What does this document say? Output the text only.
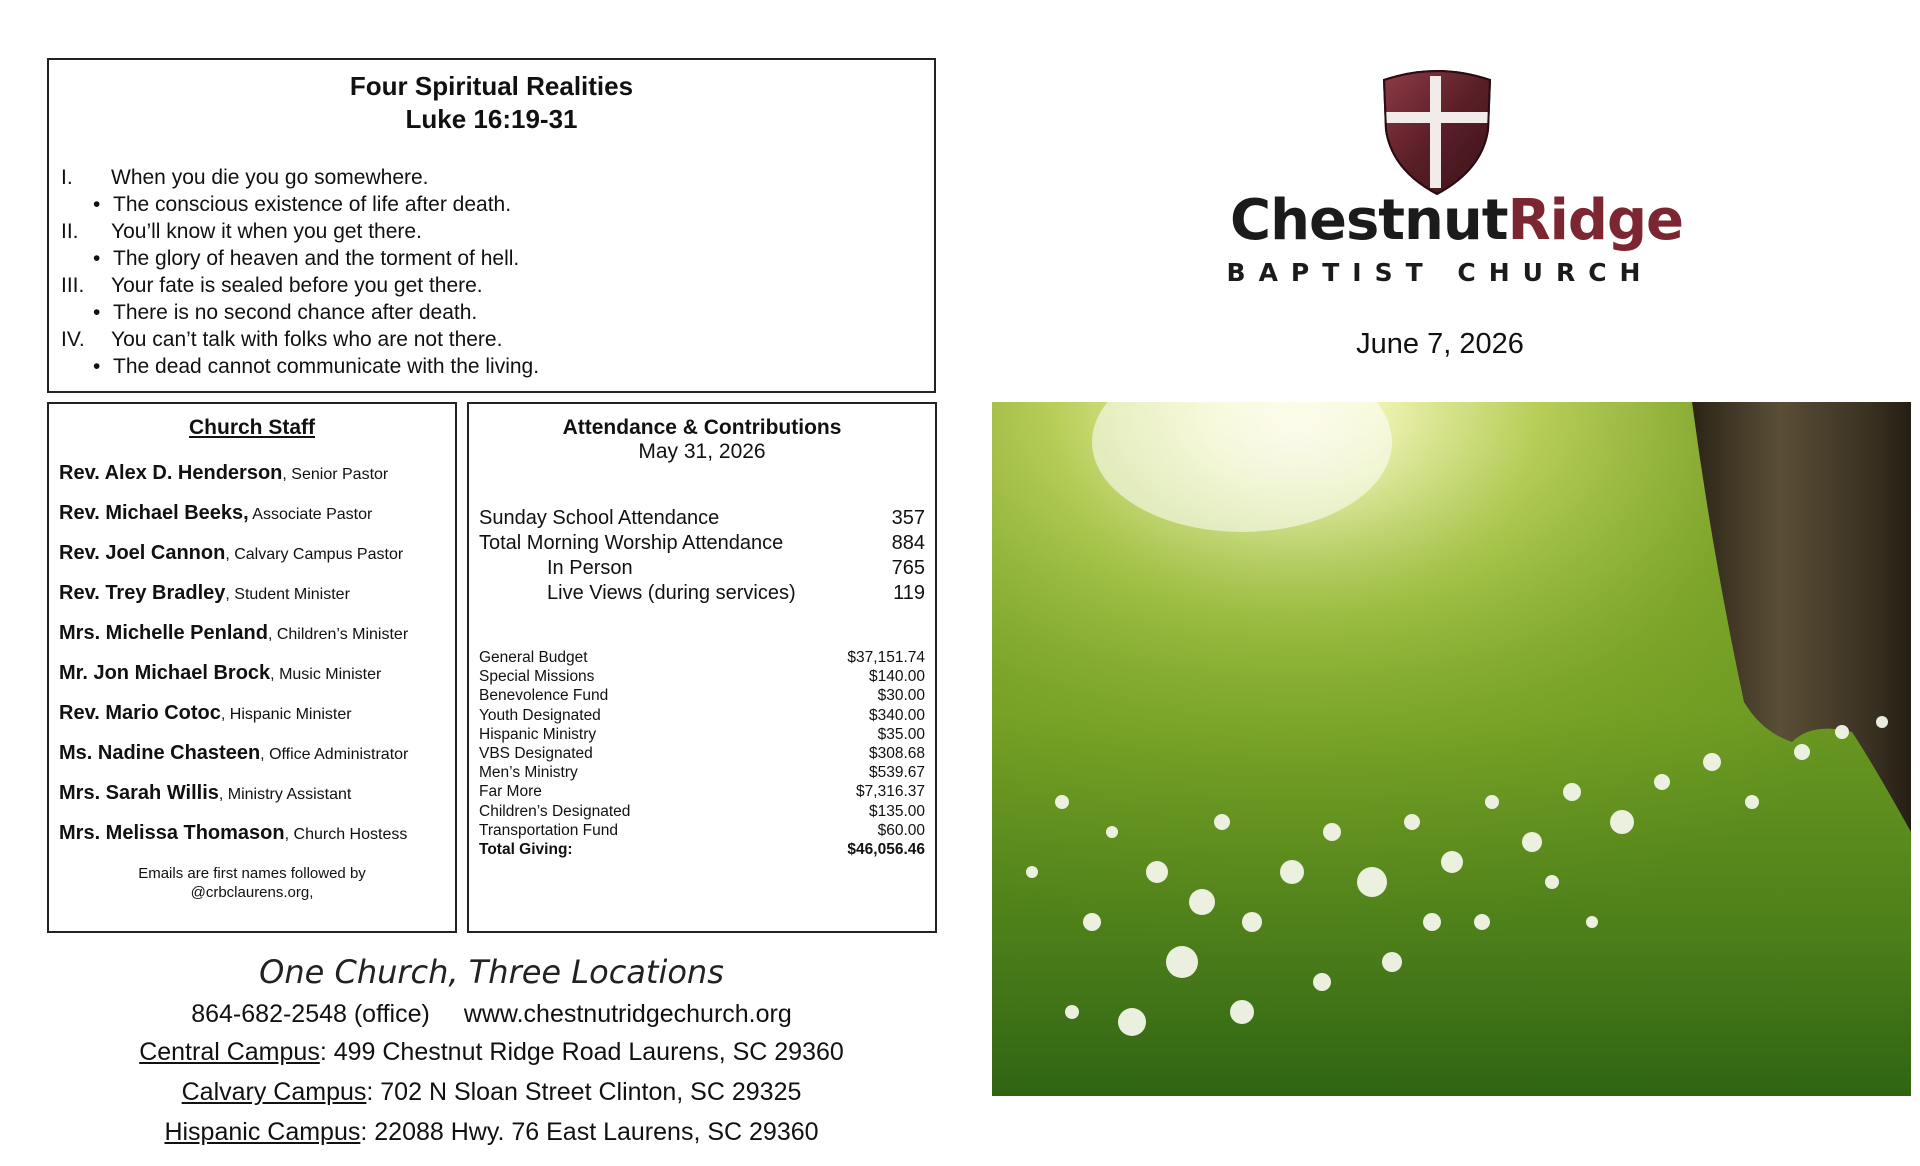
Four Spiritual Realities
Luke 16:19-31
I.	When you die you go somewhere.
• The conscious existence of life after death.
II.	You’ll know it when you get there.
• The glory of heaven and the torment of hell.
III.	Your fate is sealed before you get there.
• There is no second chance after death.
IV.	You can’t talk with folks who are not there.
• The dead cannot communicate with the living.
Church Staff
Rev. Alex D. Henderson, Senior Pastor
Rev. Michael Beeks, Associate Pastor
Rev. Joel Cannon, Calvary Campus Pastor
Rev. Trey Bradley, Student Minister
Mrs. Michelle Penland, Children’s Minister
Mr. Jon Michael Brock, Music Minister
Rev. Mario Cotoc, Hispanic Minister
Ms. Nadine Chasteen, Office Administrator
Mrs. Sarah Willis, Ministry Assistant
Mrs. Melissa Thomason, Church Hostess
Emails are first names followed by
@crbclaurens.org,
Attendance & Contributions
May 31, 2026
Sunday School Attendance	357
Total Morning Worship Attendance	884
In Person	765
Live Views (during services)	119
General Budget	$37,151.74
Special Missions	$140.00
Benevolence Fund	$30.00
Youth Designated	$340.00
Hispanic Ministry	$35.00
VBS Designated	$308.68
Men’s Ministry	$539.67
Far More	$7,316.37
Children’s Designated	$135.00
Transportation Fund	$60.00
Total Giving:	$46,056.46
One Church, Three Locations
864-682-2548 (office) www.chestnutridgechurch.org
Central Campus: 499 Chestnut Ridge Road Laurens, SC 29360
Calvary Campus: 702 N Sloan Street Clinton, SC 29325
Hispanic Campus: 22088 Hwy. 76 East Laurens, SC 29360
ChestnutRidge
BAPTIST CHURCH
June 7, 2026
